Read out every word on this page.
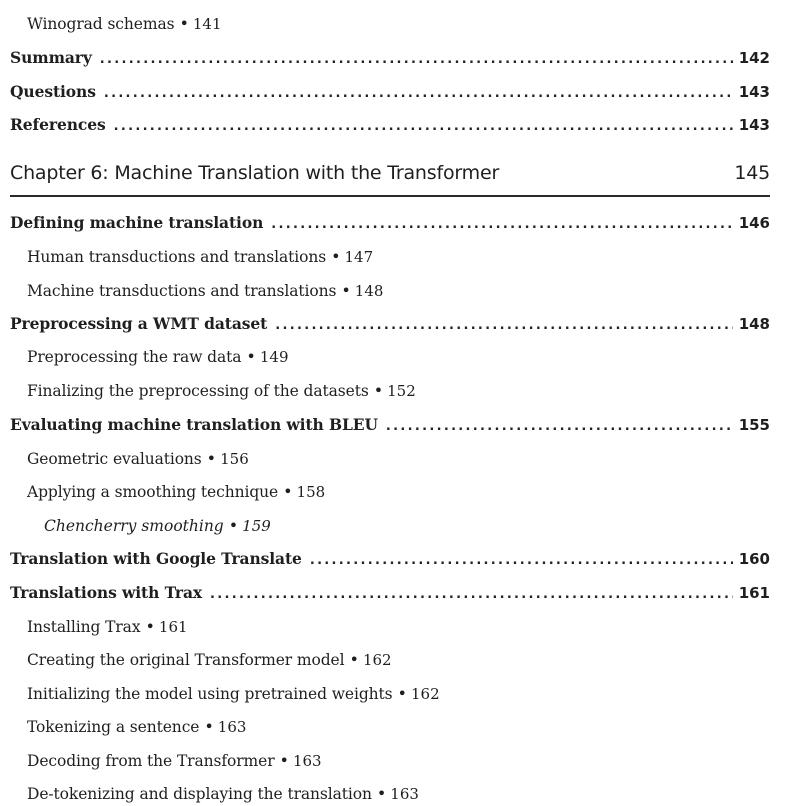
Winograd schemas • 141
Summary .....	142
Questions .....	143
References .....	143
Chapter 6: Machine Translation with the Transformer	145
Defining machine translation .....	146
Human transductions and translations • 147
Machine transductions and translations • 148
Preprocessing a WMT dataset .....	148
Preprocessing the raw data • 149
Finalizing the preprocessing of the datasets • 152
Evaluating machine translation with BLEU .....	155
Geometric evaluations • 156
Applying a smoothing technique • 158
Chencherry smoothing • 159
Translation with Google Translate .....	160
Translations with Trax .....	161
Installing Trax • 161
Creating the original Transformer model • 162
Initializing the model using pretrained weights • 162
Tokenizing a sentence • 163
Decoding from the Transformer • 163
De-tokenizing and displaying the translation • 163
